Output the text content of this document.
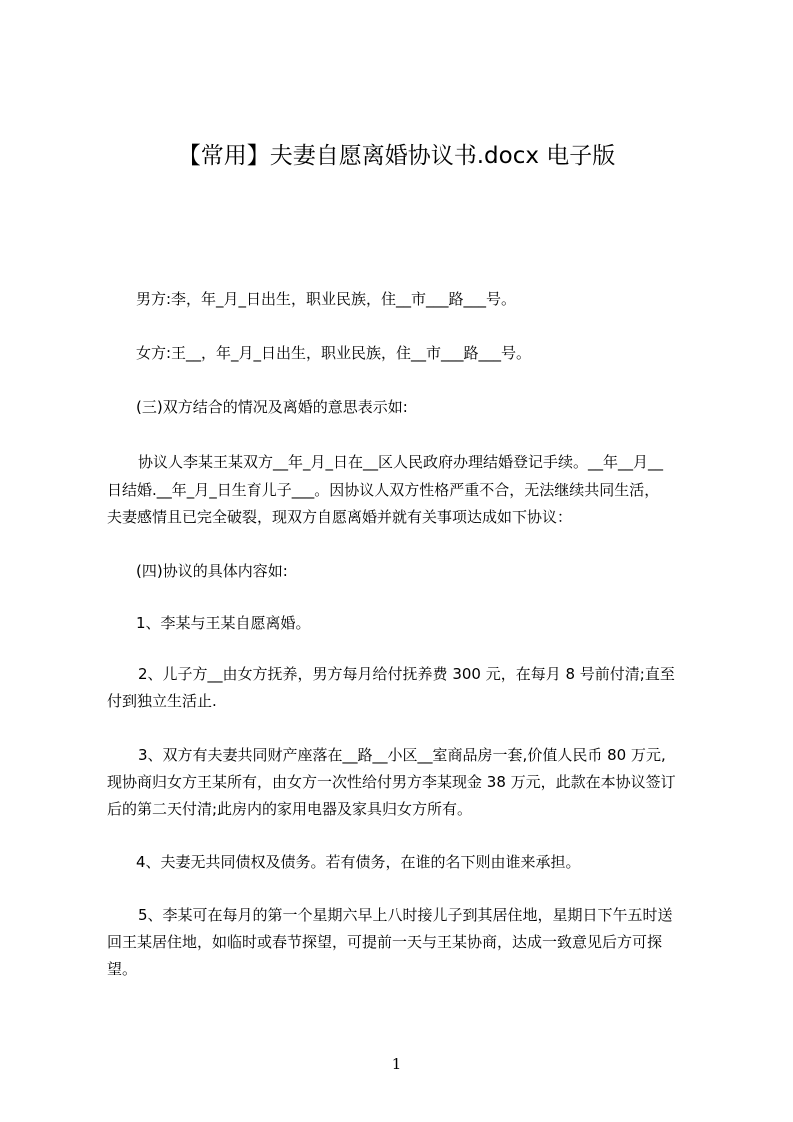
【常用】夫妻自愿离婚协议书.docx 电子版
男方:李，年_月_日出生，职业民族，住__市___路___号。
女方:王__，年_月_日出生，职业民族，住__市___路___号。
(三)双方结合的情况及离婚的意思表示如:
协议人李某王某双方__年_月_日在__区人民政府办理结婚登记手续。__年__月__
日结婚.__年_月_日生育儿子___。因协议人双方性格严重不合，无法继续共同生活，
夫妻感情且已完全破裂，现双方自愿离婚并就有关事项达成如下协议：
(四)协议的具体内容如:
1、李某与王某自愿离婚。
2、儿子方__由女方抚养，男方每月给付抚养费 300 元，在每月 8 号前付清;直至
付到独立生活止.
3、双方有夫妻共同财产座落在__路__小区__室商品房一套,价值人民币 80 万元,
现协商归女方王某所有，由女方一次性给付男方李某现金 38 万元，此款在本协议签订
后的第二天付清;此房内的家用电器及家具归女方所有。
4、夫妻无共同债权及债务。若有债务，在谁的名下则由谁来承担。
5、李某可在每月的第一个星期六早上八时接儿子到其居住地，星期日下午五时送
回王某居住地，如临时或春节探望，可提前一天与王某协商，达成一致意见后方可探
望。
1
